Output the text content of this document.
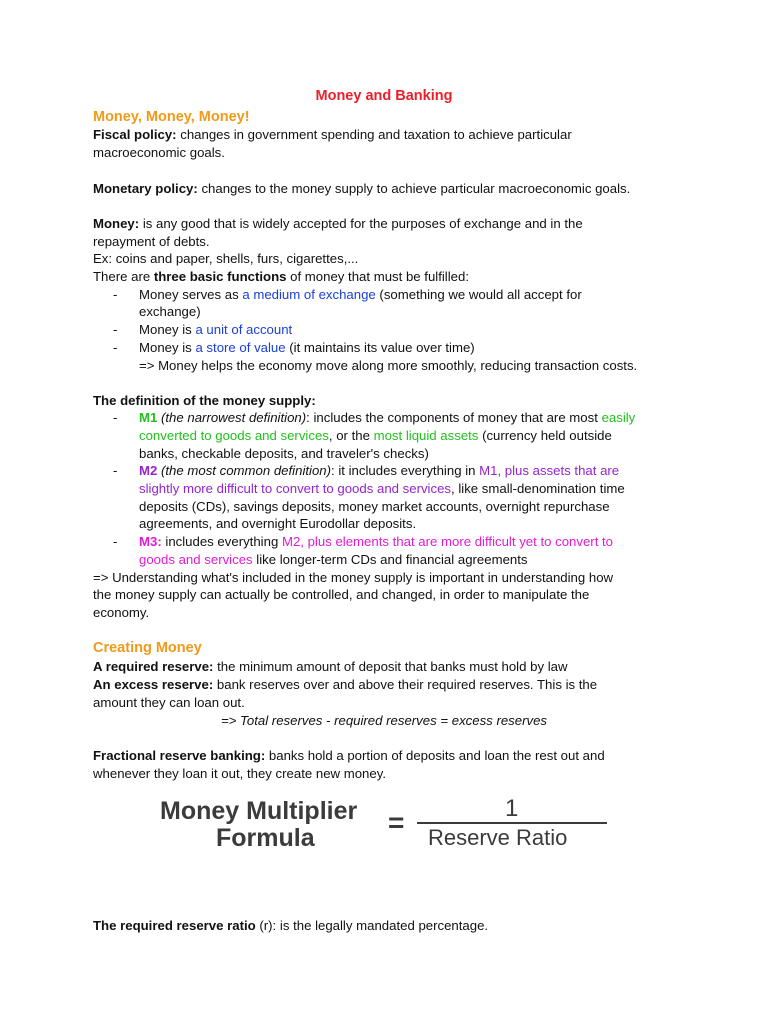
Money and Banking
Money, Money, Money!
Fiscal policy: changes in government spending and taxation to achieve particular
macroeconomic goals.
Monetary policy: changes to the money supply to achieve particular macroeconomic goals.
Money: is any good that is widely accepted for the purposes of exchange and in the
repayment of debts.
Ex: coins and paper, shells, furs, cigarettes,...
There are three basic functions of money that must be fulfilled:
- Money serves as a medium of exchange (something we would all accept for
exchange)
- Money is a unit of account
- Money is a store of value (it maintains its value over time)
=> Money helps the economy move along more smoothly, reducing transaction costs.
The definition of the money supply:
- M1 (the narrowest definition): includes the components of money that are most easily
converted to goods and services, or the most liquid assets (currency held outside
banks, checkable deposits, and traveler's checks)
- M2 (the most common definition): it includes everything in M1, plus assets that are
slightly more difficult to convert to goods and services, like small-denomination time
deposits (CDs), savings deposits, money market accounts, overnight repurchase
agreements, and overnight Eurodollar deposits.
- M3: includes everything M2, plus elements that are more difficult yet to convert to
goods and services like longer-term CDs and financial agreements
=> Understanding what's included in the money supply is important in understanding how
the money supply can actually be controlled, and changed, in order to manipulate the
economy.
Creating Money
A required reserve: the minimum amount of deposit that banks must hold by law
An excess reserve: bank reserves over and above their required reserves. This is the
amount they can loan out.
=> Total reserves - required reserves = excess reserves
Fractional reserve banking: banks hold a portion of deposits and loan the rest out and
whenever they loan it out, they create new money.
Money Multiplier
Formula	=	1
Reserve Ratio
The required reserve ratio (r): is the legally mandated percentage.
